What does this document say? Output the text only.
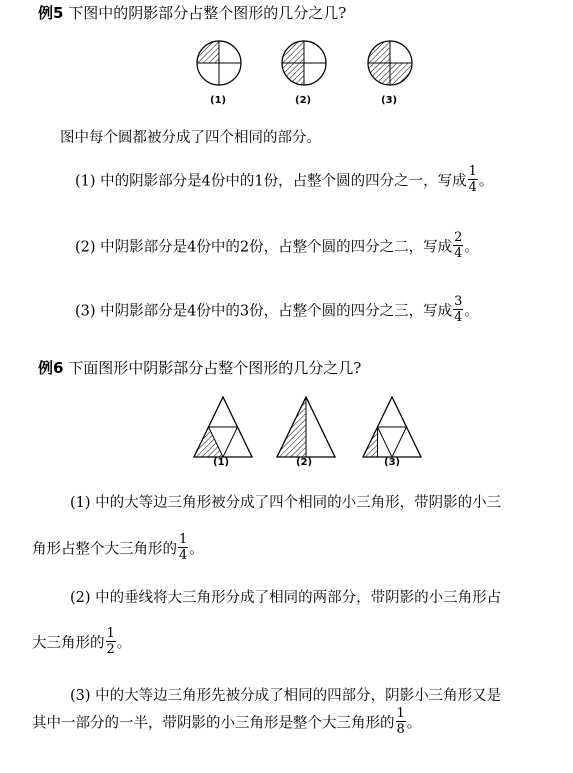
例5 下图中的阴影部分占整个图形的几分之几?
(1)	(2)	(3)
图中每个圆都被分成了四个相同的部分。
(1) 中的阴影部分是4份中的1份，占整个圆的四分之一，写成 $\frac{1}{4}$ 。
(2) 中阴影部分是4份中的2份，占整个圆的四分之二，写成 $\frac{2}{4}$ 。
(3) 中阴影部分是4份中的3份，占整个圆的四分之三，写成 $\frac{3}{4}$ 。
例6 下面图形中阴影部分占整个图形的几分之几?
(1)	(2)	(3)
(1) 中的大等边三角形被分成了四个相同的小三角形，带阴影的小三
角形占整个大三角形的 $\frac{1}{4}$ 。
(2) 中的垂线将大三角形分成了相同的两部分，带阴影的小三角形占
大三角形的 $\frac{1}{2}$ 。
(3) 中的大等边三角形先被分成了相同的四部分，阴影小三角形又是
其中一部分的一半，带阴影的小三角形是整个大三角形的 $\frac{1}{8}$ 。
